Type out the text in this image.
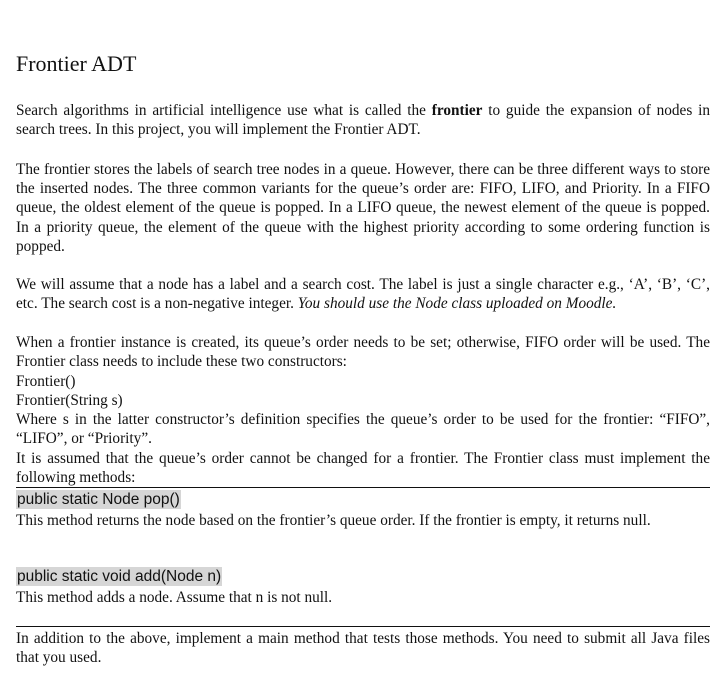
Frontier ADT

Search algorithms in artificial intelligence use what is called the frontier to guide the expansion of nodes in search trees. In this project, you will implement the Frontier ADT.

The frontier stores the labels of search tree nodes in a queue. However, there can be three different ways to store the inserted nodes. The three common variants for the queue’s order are: FIFO, LIFO, and Priority. In a FIFO queue, the oldest element of the queue is popped. In a LIFO queue, the newest element of the queue is popped. In a priority queue, the element of the queue with the highest priority according to some ordering function is popped.

We will assume that a node has a label and a search cost. The label is just a single character e.g., ‘A’, ‘B’, ‘C’, etc. The search cost is a non-negative integer. You should use the Node class uploaded on Moodle.

When a frontier instance is created, its queue’s order needs to be set; otherwise, FIFO order will be used. The Frontier class needs to include these two constructors:

Frontier()
Frontier(String s)

Where s in the latter constructor’s definition specifies the queue’s order to be used for the frontier: “FIFO”, “LIFO”, or “Priority”.

It is assumed that the queue’s order cannot be changed for a frontier. The Frontier class must implement the following methods:

public static Node pop()

This method returns the node based on the frontier’s queue order. If the frontier is empty, it returns null.

public static void add(Node n)

This method adds a node. Assume that n is not null.

In addition to the above, implement a main method that tests those methods. You need to submit all Java files that you used.
